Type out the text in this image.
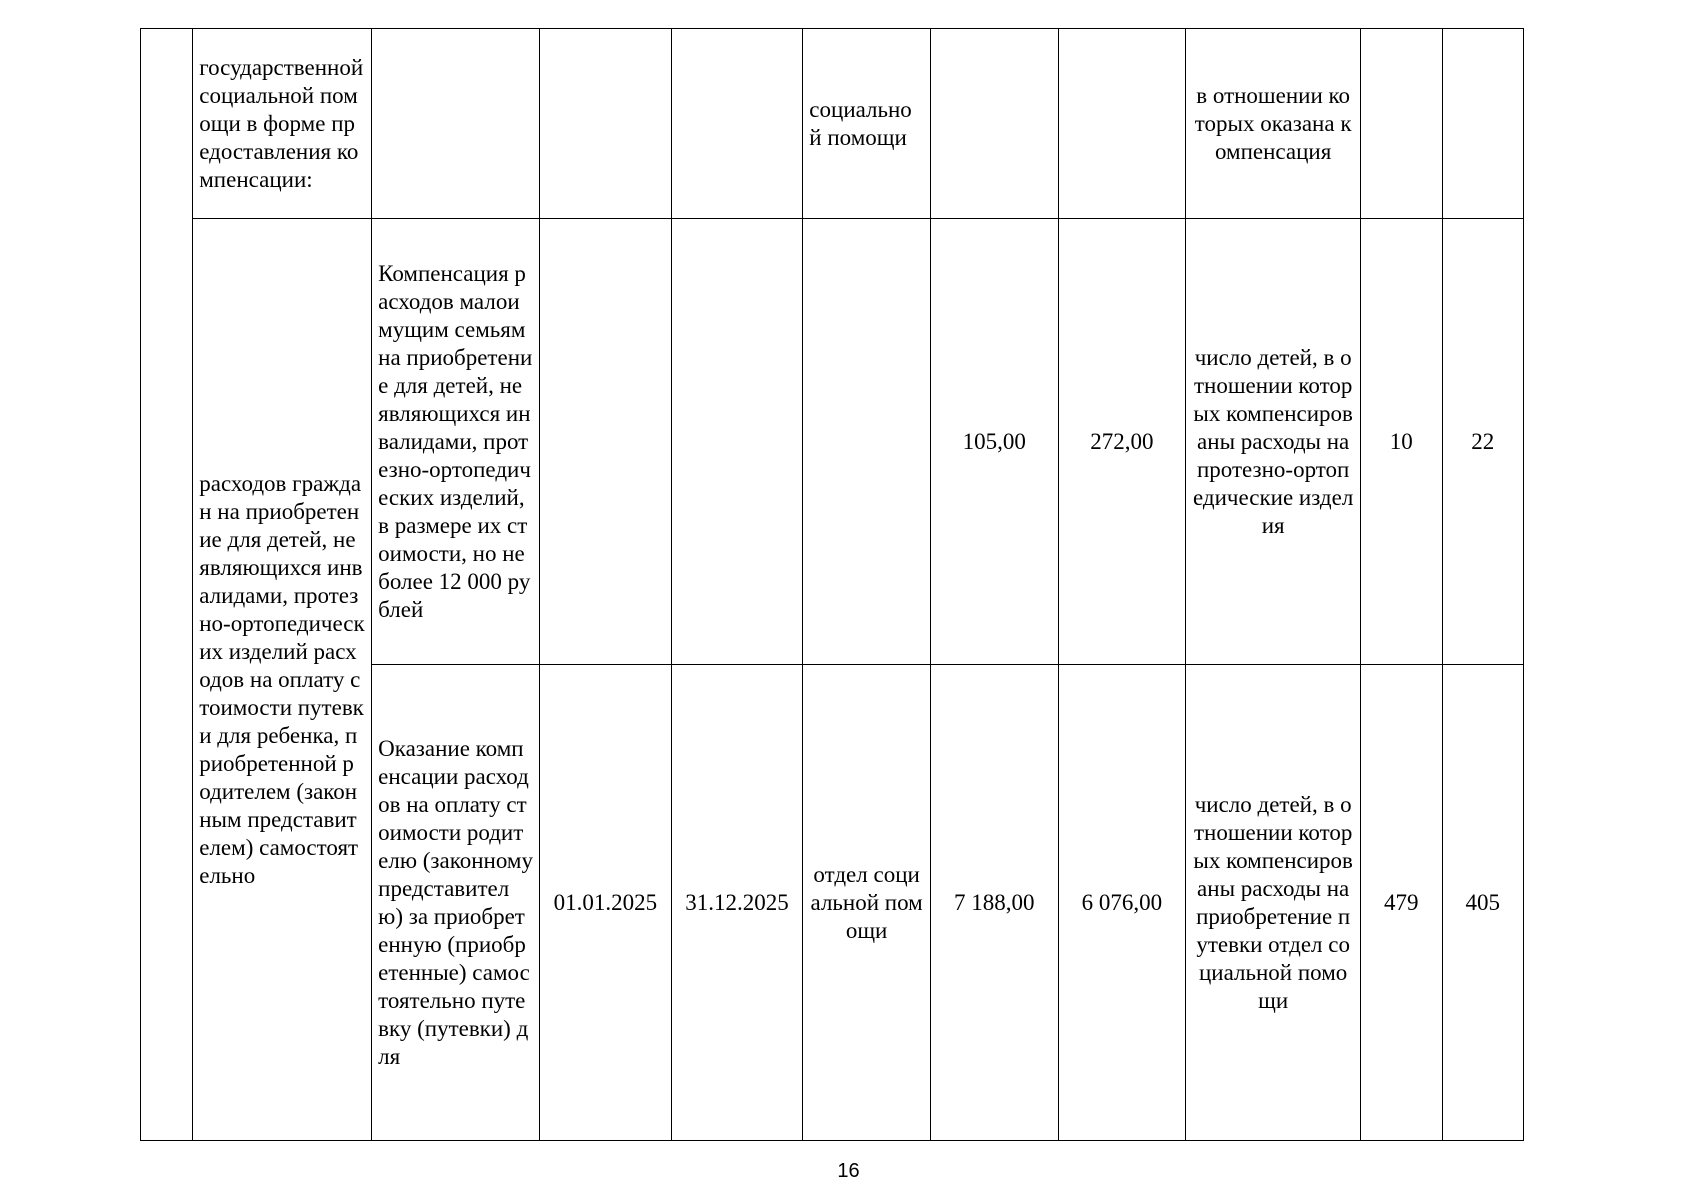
	государственной социальной помощи в форме предоставления компенсации:				социальной помощи			в отношении которых оказана компенсация		
	расходов граждан на приобретение для детей, не являющихся инвалидами, протезно-ортопедических изделий расходов на оплату стоимости путевки для ребенка, приобретенной родителем (законным представителем) самостоятельно	Компенсация расходов малоимущим семьям на приобретение для детей, не являющихся инвалидами, протезно-ортопедических изделий, в размере их стоимости, но не более 12 000 рублей				105,00	272,00	число детей, в отношении которых компенсированы расходы на протезно-ортопедические изделия	10	22
		Оказание компенсации расходов на оплату стоимости родителю (законному представителю) за приобретенную (приобретенные) самостоятельно путевку (путевки) для	01.01.2025	31.12.2025	отдел социальной помощи	7 188,00	6 076,00	число детей, в отношении которых компенсированы расходы на приобретение путевки отдел социальной помощи	479	405
16
